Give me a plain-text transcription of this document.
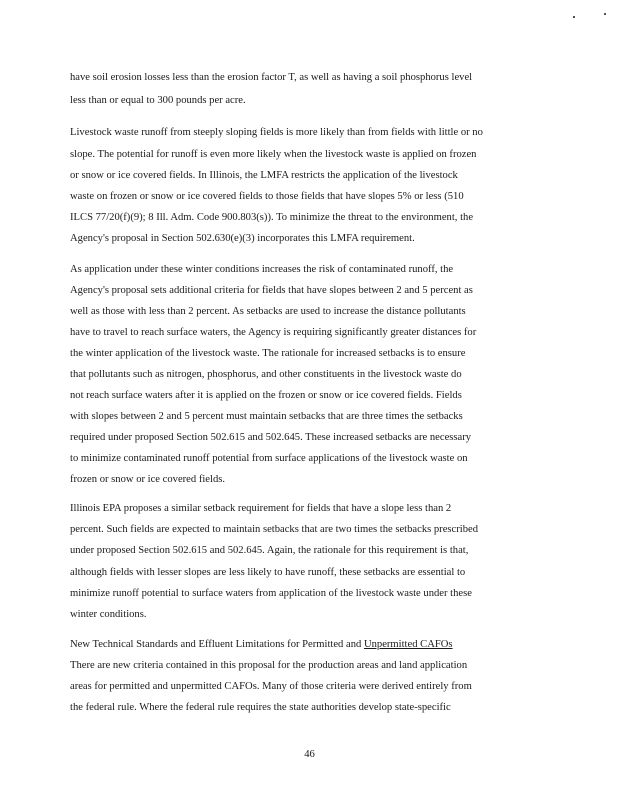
have soil erosion losses less than the erosion factor T, as well as having a soil phosphorus level
less than or equal to 300 pounds per acre.
Livestock waste runoff from steeply sloping fields is more likely than from fields with little or no
slope. The potential for runoff is even more likely when the livestock waste is applied on frozen
or snow or ice covered fields. In Illinois, the LMFA restricts the application of the livestock
waste on frozen or snow or ice covered fields to those fields that have slopes 5% or less (510
ILCS 77/20(f)(9); 8 Ill. Adm. Code 900.803(s)). To minimize the threat to the environment, the
Agency's proposal in Section 502.630(e)(3) incorporates this LMFA requirement.
As application under these winter conditions increases the risk of contaminated runoff, the
Agency's proposal sets additional criteria for fields that have slopes between 2 and 5 percent as
well as those with less than 2 percent. As setbacks are used to increase the distance pollutants
have to travel to reach surface waters, the Agency is requiring significantly greater distances for
the winter application of the livestock waste. The rationale for increased setbacks is to ensure
that pollutants such as nitrogen, phosphorus, and other constituents in the livestock waste do
not reach surface waters after it is applied on the frozen or snow or ice covered fields. Fields
with slopes between 2 and 5 percent must maintain setbacks that are three times the setbacks
required under proposed Section 502.615 and 502.645. These increased setbacks are necessary
to minimize contaminated runoff potential from surface applications of the livestock waste on
frozen or snow or ice covered fields.
Illinois EPA proposes a similar setback requirement for fields that have a slope less than 2
percent. Such fields are expected to maintain setbacks that are two times the setbacks prescribed
under proposed Section 502.615 and 502.645. Again, the rationale for this requirement is that,
although fields with lesser slopes are less likely to have runoff, these setbacks are essential to
minimize runoff potential to surface waters from application of the livestock waste under these
winter conditions.
New Technical Standards and Effluent Limitations for Permitted and Unpermitted CAFOs
There are new criteria contained in this proposal for the production areas and land application
areas for permitted and unpermitted CAFOs. Many of those criteria were derived entirely from
the federal rule. Where the federal rule requires the state authorities develop state-specific
46
